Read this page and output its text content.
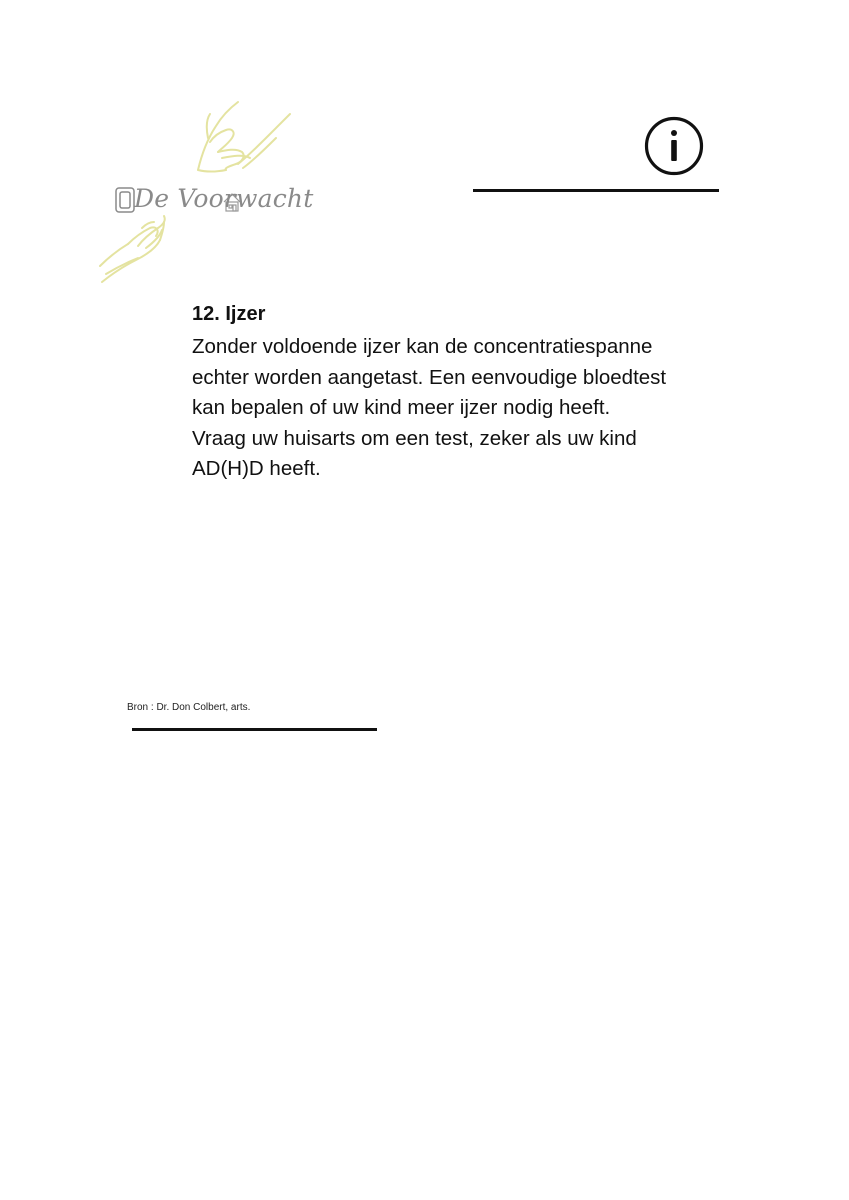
De Voorwacht
12. Ijzer

Zonder voldoende ijzer kan de concentratiespanne
echter worden aangetast. Een eenvoudige bloedtest
kan bepalen of uw kind meer ijzer nodig heeft.
Vraag uw huisarts om een test, zeker als uw kind
AD(H)D heeft.

Bron : Dr. Don Colbert, arts.
